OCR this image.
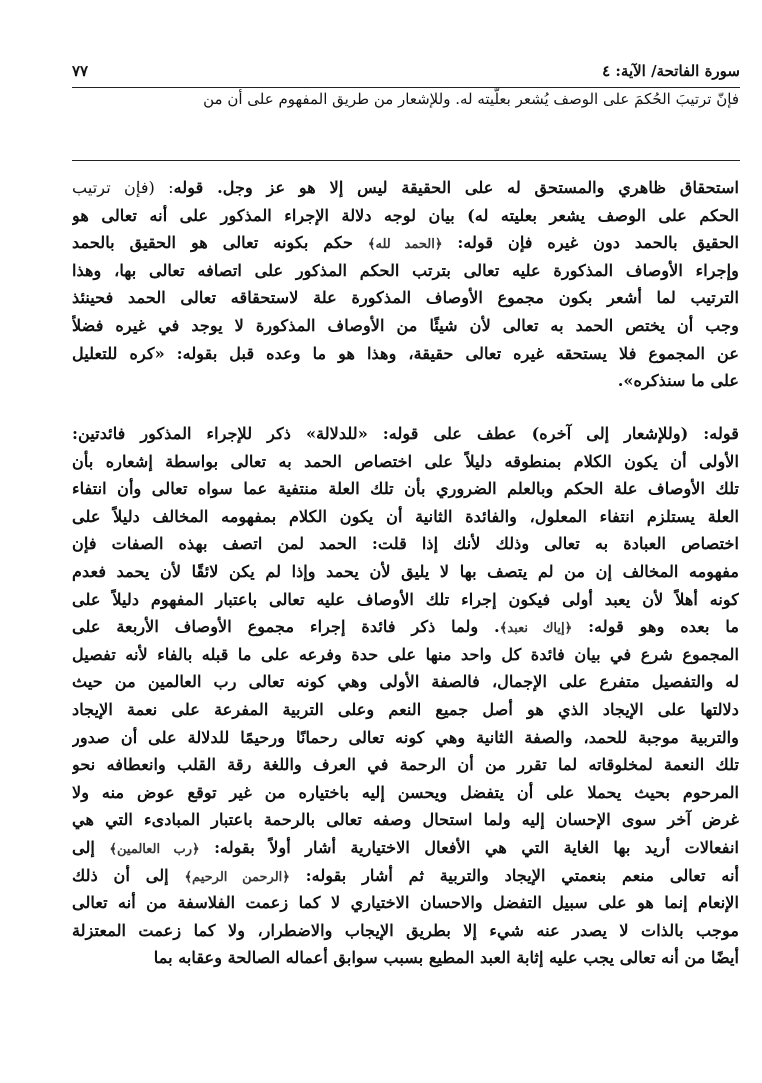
سورة الفاتحة/ الآية: ٤
٧٧
فإنّ ترتيبَ الحُكمَ على الوصف يُشعر بعلّيته له. وللإشعار من طريق المفهوم على أن من
استحقاق ظاهري والمستحق له على الحقيقة ليس إلا هو عز وجل. قوله: (فإن ترتيب
الحكم على الوصف يشعر بعليته له) بيان لوجه دلالة الإجراء المذكور على أنه تعالى هو
الحقيق بالحمد دون غيره فإن قوله: ﴿الحمد لله﴾ حكم بكونه تعالى هو الحقيق بالحمد
وإجراء الأوصاف المذكورة عليه تعالى بترتب الحكم المذكور على اتصافه تعالى بها، وهذا
الترتيب لما أشعر بكون مجموع الأوصاف المذكورة علة لاستحقاقه تعالى الحمد فحينئذ
وجب أن يختص الحمد به تعالى لأن شيئًا من الأوصاف المذكورة لا يوجد في غيره فضلاً
عن المجموع فلا يستحقه غيره تعالى حقيقة، وهذا هو ما وعده قبل بقوله: «كره للتعليل
على ما سنذكره».
قوله: (وللإشعار إلى آخره) عطف على قوله: «للدلالة» ذكر للإجراء المذكور فائدتين:
الأولى أن يكون الكلام بمنطوقه دليلاً على اختصاص الحمد به تعالى بواسطة إشعاره بأن
تلك الأوصاف علة الحكم وبالعلم الضروري بأن تلك العلة منتفية عما سواه تعالى وأن انتفاء
العلة يستلزم انتفاء المعلول، والفائدة الثانية أن يكون الكلام بمفهومه المخالف دليلاً على
اختصاص العبادة به تعالى وذلك لأنك إذا قلت: الحمد لمن اتصف بهذه الصفات فإن
مفهومه المخالف إن من لم يتصف بها لا يليق لأن يحمد وإذا لم يكن لائقًا لأن يحمد فعدم
كونه أهلاً لأن يعبد أولى فيكون إجراء تلك الأوصاف عليه تعالى باعتبار المفهوم دليلاً على
ما بعده وهو قوله: ﴿إياك نعبد﴾. ولما ذكر فائدة إجراء مجموع الأوصاف الأربعة على
المجموع شرع في بيان فائدة كل واحد منها على حدة وفرعه على ما قبله بالفاء لأنه تفصيل
له والتفصيل متفرع على الإجمال، فالصفة الأولى وهي كونه تعالى رب العالمين من حيث
دلالتها على الإيجاد الذي هو أصل جميع النعم وعلى التربية المفرعة على نعمة الإيجاد
والتربية موجبة للحمد، والصفة الثانية وهي كونه تعالى رحمانًا ورحيمًا للدلالة على أن صدور
تلك النعمة لمخلوقاته لما تقرر من أن الرحمة في العرف واللغة رقة القلب وانعطافه نحو
المرحوم بحيث يحملا على أن يتفضل ويحسن إليه باختياره من غير توقع عوض منه ولا
غرض آخر سوى الإحسان إليه ولما استحال وصفه تعالى بالرحمة باعتبار المبادىء التي هي
انفعالات أريد بها الغاية التي هي الأفعال الاختيارية أشار أولاً بقوله: ﴿رب العالمين﴾ إلى
أنه تعالى منعم بنعمتي الإيجاد والتربية ثم أشار بقوله: ﴿الرحمن الرحيم﴾ إلى أن ذلك
الإنعام إنما هو على سبيل التفضل والاحسان الاختياري لا كما زعمت الفلاسفة من أنه تعالى
موجب بالذات لا يصدر عنه شيء إلا بطريق الإيجاب والاضطرار، ولا كما زعمت المعتزلة
أيضًا من أنه تعالى يجب عليه إثابة العبد المطيع بسبب سوابق أعماله الصالحة وعقابه بما
